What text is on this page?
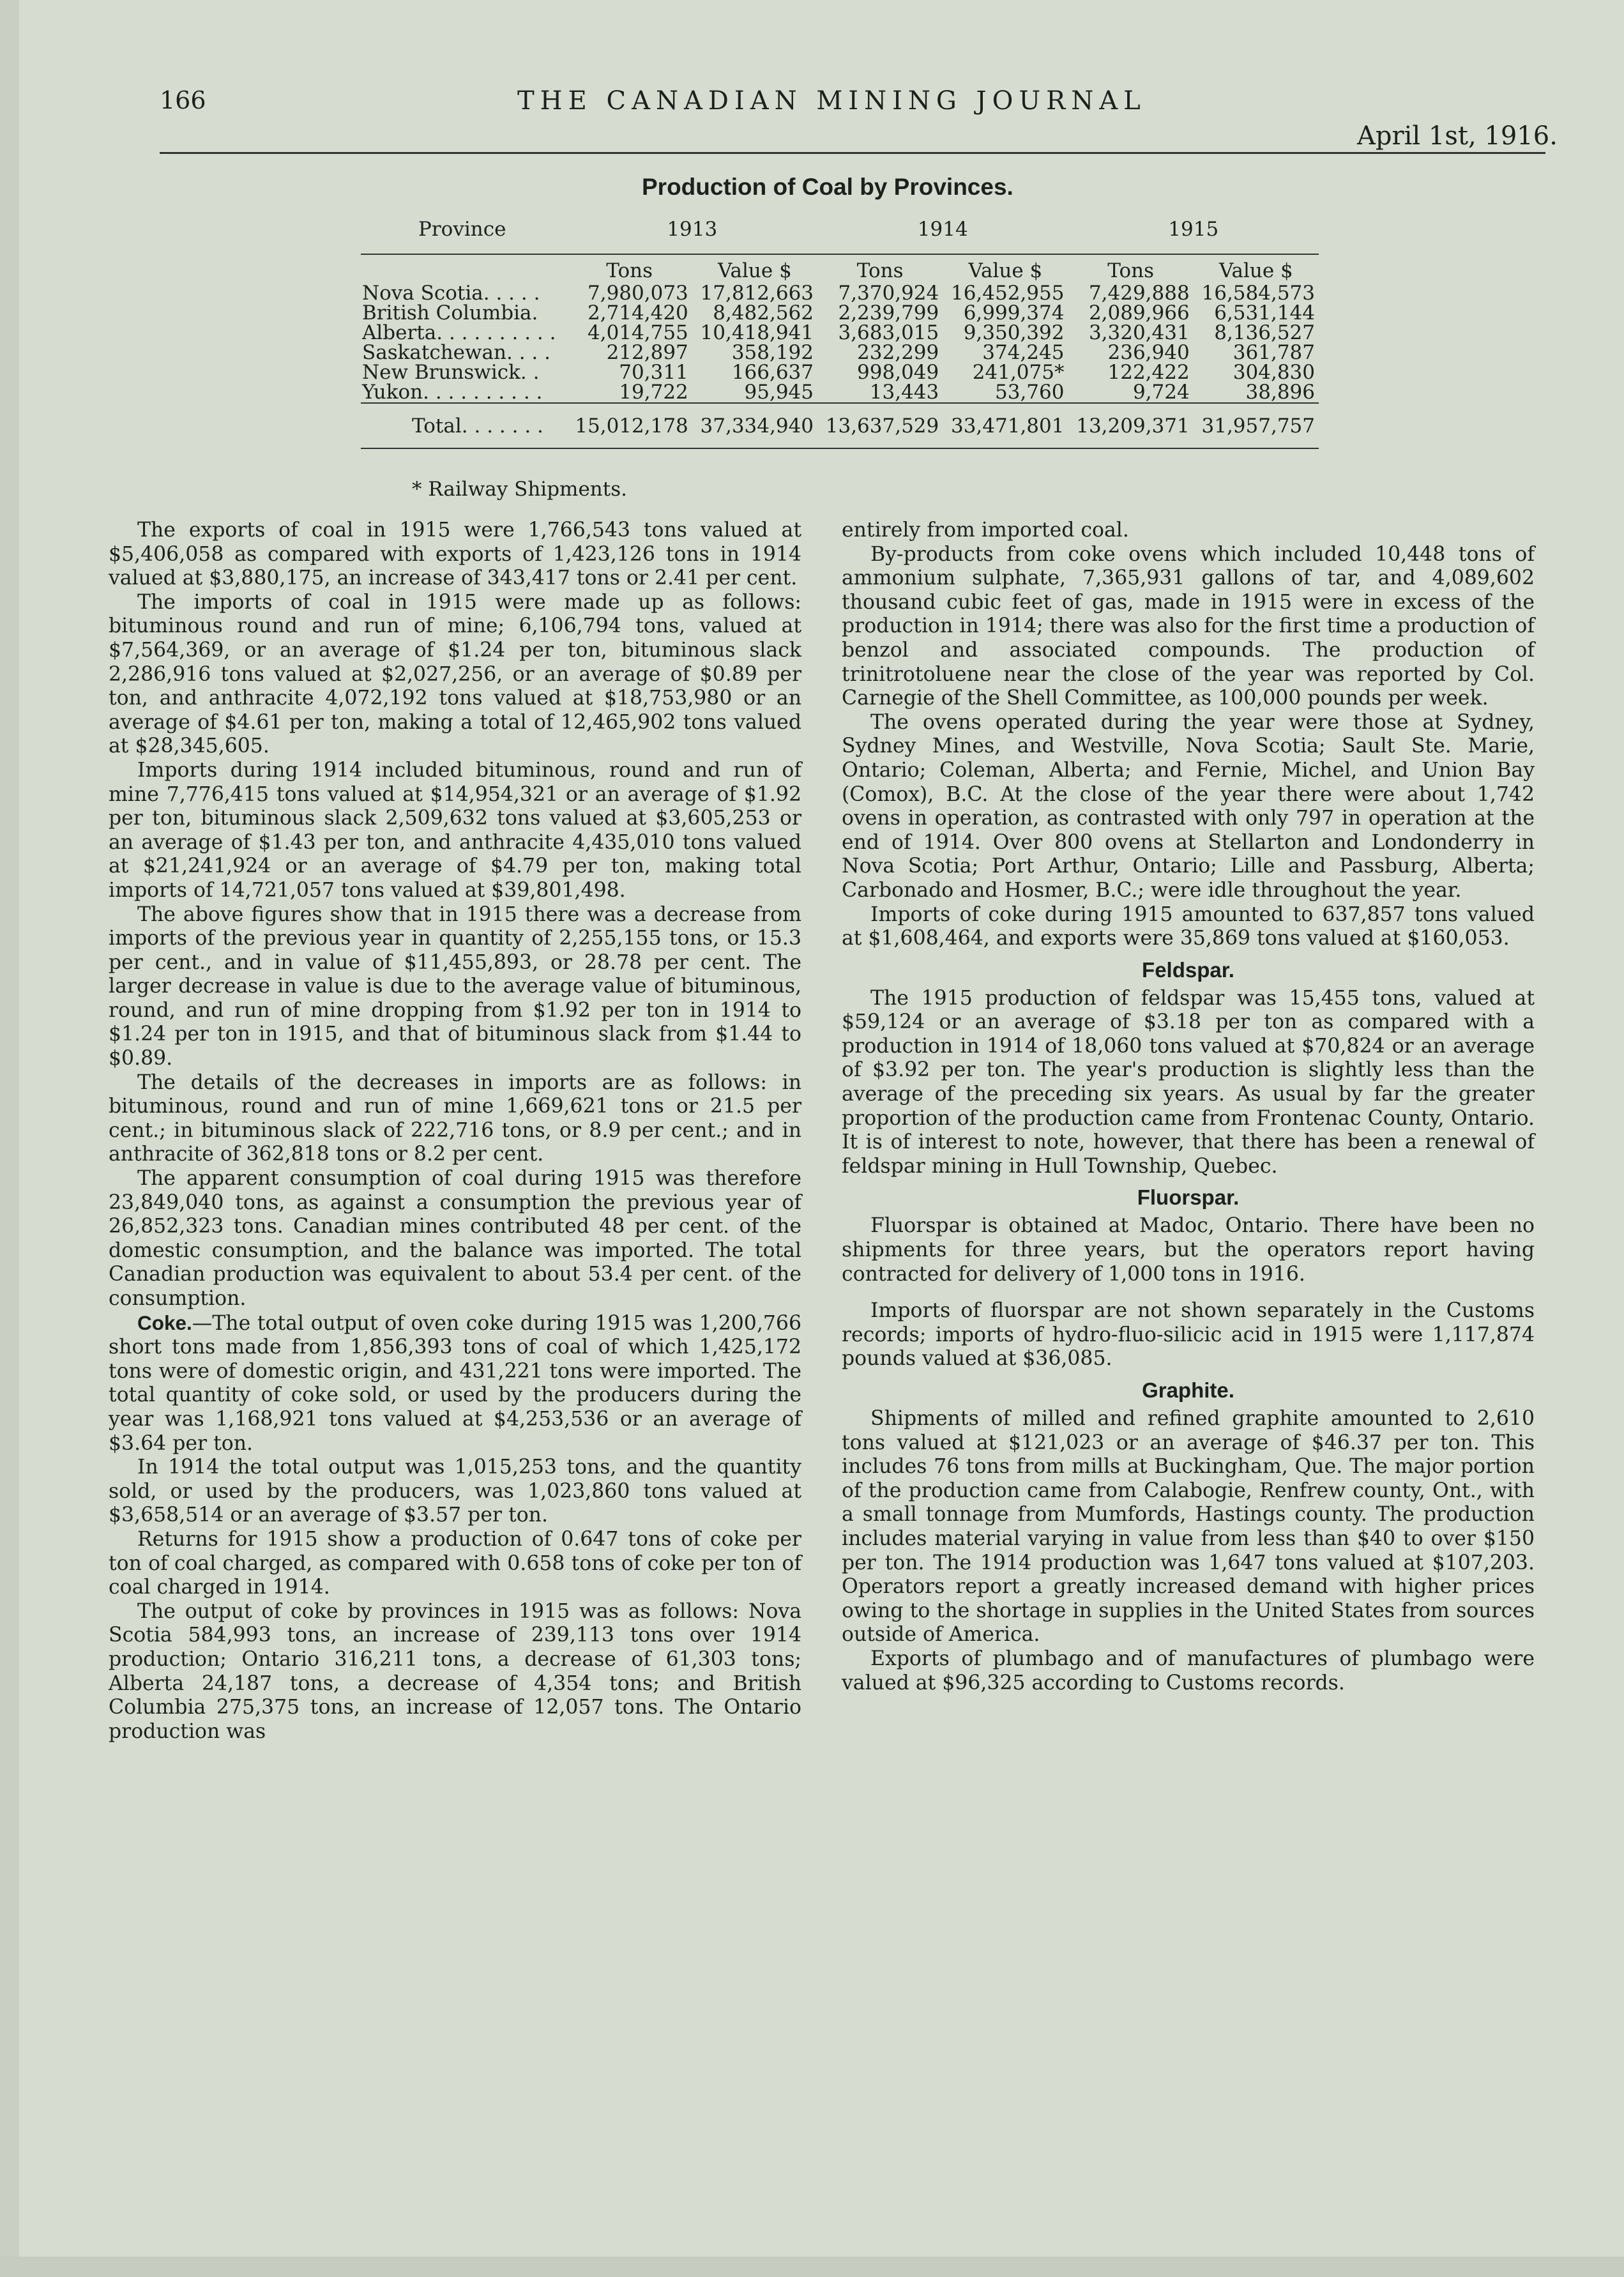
166	THE CANADIAN MINING JOURNAL
April 1st, 1916.
Production of Coal by Provinces.
Province	1913		1914		1915	
	Tons	Value $	Tons	Value $	Tons	Value $
Nova Scotia. . . . .	7,980,073	17,812,663	7,370,924	16,452,955	7,429,888	16,584,573
British Columbia.	2,714,420	8,482,562	2,239,799	6,999,374	2,089,966	6,531,144
Alberta. . . . . . . . . .	4,014,755	10,418,941	3,683,015	9,350,392	3,320,431	8,136,527
Saskatchewan. . . .	212,897	358,192	232,299	374,245	236,940	361,787
New Brunswick. .	70,311	166,637	998,049	241,075*	122,422	304,830
Yukon. . . . . . . . . .	19,722	95,945	13,443	53,760	9,724	38,896
Total. . . . . . .	15,012,178	37,334,940	13,637,529	33,471,801	13,209,371	31,957,757
* Railway Shipments.

The exports of coal in 1915 were 1,766,543 tons valued at $5,406,058 as compared with exports of 1,423,126 tons in 1914 valued at $3,880,175, an increase of 343,417 tons or 2.41 per cent.

The imports of coal in 1915 were made up as follows: bituminous round and run of mine; 6,106,794 tons, valued at $7,564,369, or an average of $1.24 per ton, bituminous slack 2,286,916 tons valued at $2,027,256, or an average of $0.89 per ton, and anthracite 4,072,192 tons valued at $18,753,980 or an average of $4.61 per ton, making a total of 12,465,902 tons valued at $28,345,605.

Imports during 1914 included bituminous, round and run of mine 7,776,415 tons valued at $14,954,321 or an average of $1.92 per ton, bituminous slack 2,509,632 tons valued at $3,605,253 or an average of $1.43 per ton, and anthracite 4,435,010 tons valued at $21,241,924 or an average of $4.79 per ton, making total imports of 14,721,057 tons valued at $39,801,498.

The above figures show that in 1915 there was a decrease from imports of the previous year in quantity of 2,255,155 tons, or 15.3 per cent., and in value of $11,455,893, or 28.78 per cent. The larger decrease in value is due to the average value of bituminous, round, and run of mine dropping from $1.92 per ton in 1914 to $1.24 per ton in 1915, and that of bituminous slack from $1.44 to $0.89.

The details of the decreases in imports are as follows: in bituminous, round and run of mine 1,669,621 tons or 21.5 per cent.; in bituminous slack of 222,716 tons, or 8.9 per cent.; and in anthracite of 362,818 tons or 8.2 per cent.

The apparent consumption of coal during 1915 was therefore 23,849,040 tons, as against a consumption the previous year of 26,852,323 tons. Canadian mines contributed 48 per cent. of the domestic consumption, and the balance was imported. The total Canadian production was equivalent to about 53.4 per cent. of the consumption.

Coke.—The total output of oven coke during 1915 was 1,200,766 short tons made from 1,856,393 tons of coal of which 1,425,172 tons were of domestic origin, and 431,221 tons were imported. The total quantity of coke sold, or used by the producers during the year was 1,168,921 tons valued at $4,253,536 or an average of $3.64 per ton.

In 1914 the total output was 1,015,253 tons, and the quantity sold, or used by the producers, was 1,023,860 tons valued at $3,658,514 or an average of $3.57 per ton.

Returns for 1915 show a production of 0.647 tons of coke per ton of coal charged, as compared with 0.658 tons of coke per ton of coal charged in 1914.

The output of coke by provinces in 1915 was as follows: Nova Scotia 584,993 tons, an increase of 239,113 tons over 1914 production; Ontario 316,211 tons, a decrease of 61,303 tons; Alberta 24,187 tons, a decrease of 4,354 tons; and British Columbia 275,375 tons, an increase of 12,057 tons. The Ontario production was

entirely from imported coal.

By-products from coke ovens which included 10,448 tons of ammonium sulphate, 7,365,931 gallons of tar, and 4,089,602 thousand cubic feet of gas, made in 1915 were in excess of the production in 1914; there was also for the first time a production of benzol and associated compounds. The production of trinitrotoluene near the close of the year was reported by Col. Carnegie of the Shell Committee, as 100,000 pounds per week.

The ovens operated during the year were those at Sydney, Sydney Mines, and Westville, Nova Scotia; Sault Ste. Marie, Ontario; Coleman, Alberta; and Fernie, Michel, and Union Bay (Comox), B.C. At the close of the year there were about 1,742 ovens in operation, as contrasted with only 797 in operation at the end of 1914. Over 800 ovens at Stellarton and Londonderry in Nova Scotia; Port Arthur, Ontario; Lille and Passburg, Alberta; Carbonado and Hosmer, B.C.; were idle throughout the year.

Imports of coke during 1915 amounted to 637,857 tons valued at $1,608,464, and exports were 35,869 tons valued at $160,053.

Feldspar.

The 1915 production of feldspar was 15,455 tons, valued at $59,124 or an average of $3.18 per ton as compared with a production in 1914 of 18,060 tons valued at $70,824 or an average of $3.92 per ton. The year's production is slightly less than the average of the preceding six years. As usual by far the greater proportion of the production came from Frontenac County, Ontario. It is of interest to note, however, that there has been a renewal of feldspar mining in Hull Township, Quebec.

Fluorspar.

Fluorspar is obtained at Madoc, Ontario. There have been no shipments for three years, but the operators report having contracted for delivery of 1,000 tons in 1916.

Imports of fluorspar are not shown separately in the Customs records; imports of hydro-fluo-silicic acid in 1915 were 1,117,874 pounds valued at $36,085.

Graphite.

Shipments of milled and refined graphite amounted to 2,610 tons valued at $121,023 or an average of $46.37 per ton. This includes 76 tons from mills at Buckingham, Que. The major portion of the production came from Calabogie, Renfrew county, Ont., with a small tonnage from Mumfords, Hastings county. The production includes material varying in value from less than $40 to over $150 per ton. The 1914 production was 1,647 tons valued at $107,203. Operators report a greatly increased demand with higher prices owing to the shortage in supplies in the United States from sources outside of America.

Exports of plumbago and of manufactures of plumbago were valued at $96,325 according to Customs records.
